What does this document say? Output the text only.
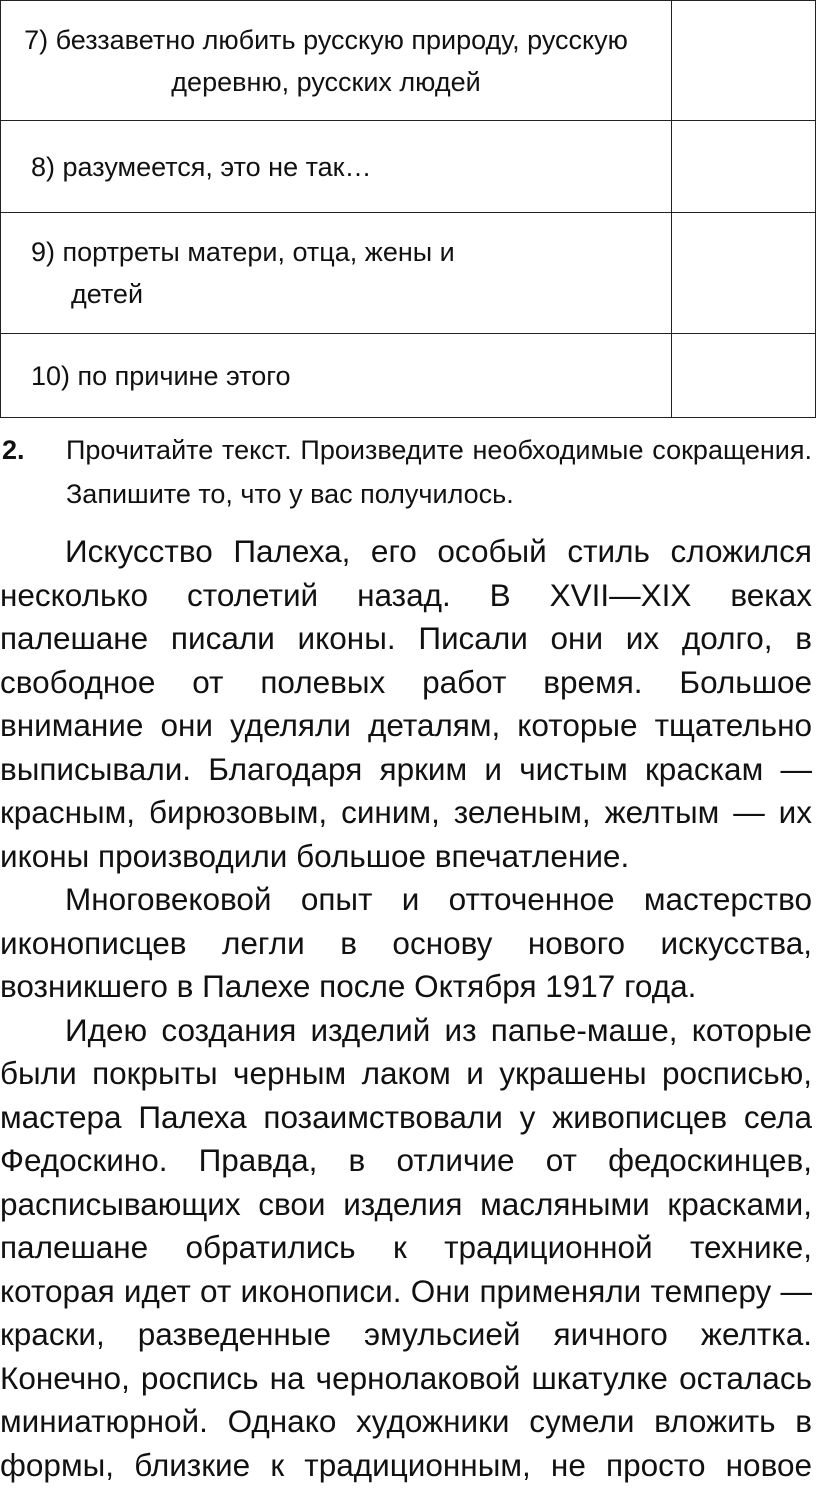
7) беззаветно любить русскую природу, русскую деревню, русских людей	
8) разумеется, это не так…	
9) портреты матери, отца, жены и
детей	

10) по причине этого	
2. Прочитайте текст. Произведите необходимые сокращения. Запишите то, что у вас получилось.

Искусство Палеха, его особый стиль сложился несколько столетий назад. В XVII—XIX веках палешане писали иконы. Писали они их долго, в свободное от полевых работ время. Большое внимание они уделяли деталям, которые тщательно выписывали. Благодаря ярким и чистым краскам — красным, бирюзовым, синим, зеленым, желтым — их иконы производили большое впечатление.

Многовековой опыт и отточенное мастерство иконописцев легли в основу нового искусства, возникшего в Палехе после Октября 1917 года.

Идею создания изделий из папье-маше, которые были покрыты черным лаком и украшены росписью, мастера Палеха позаимствовали у живописцев села Федоскино. Правда, в отличие от федоскинцев, расписывающих свои изделия масляными красками, палешане обратились к традиционной технике, которая идет от иконописи. Они применяли темперу — краски, разведенные эмульсией яичного желтка. Конечно, роспись на чернолаковой шкатулке осталась миниатюрной. Однако художники сумели вложить в формы, близкие к традиционным, не просто новое
